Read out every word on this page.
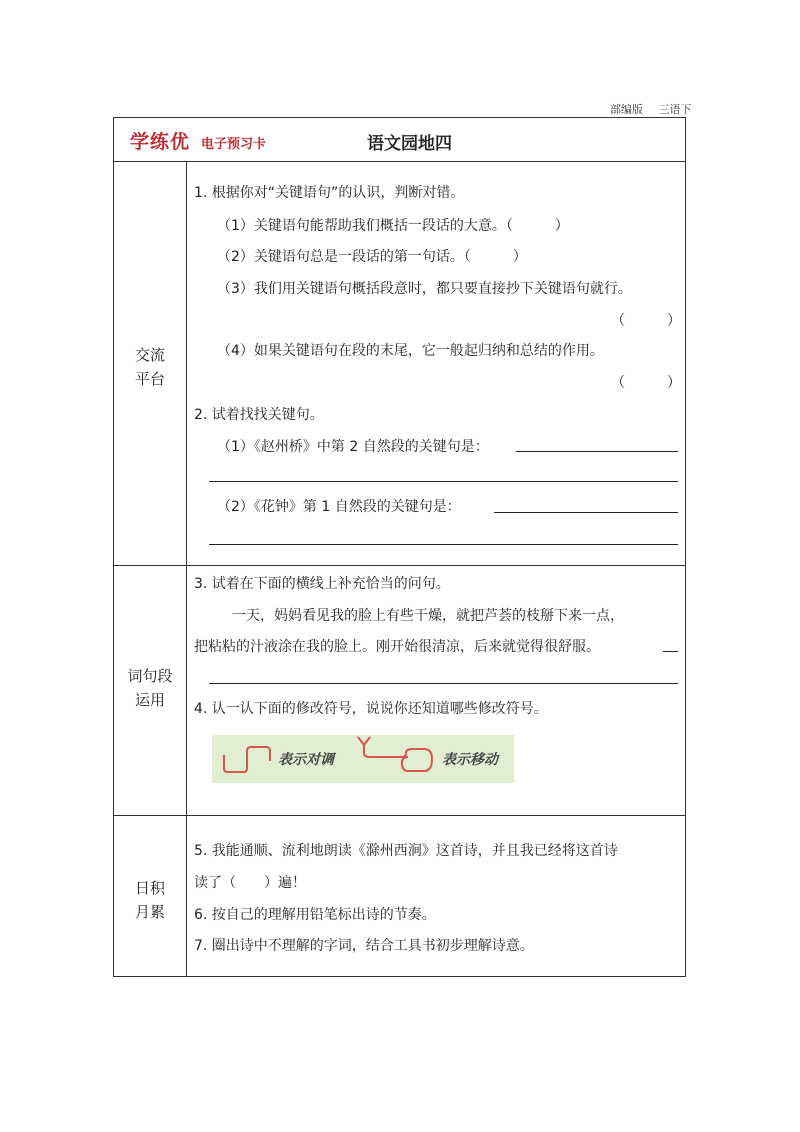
部编版 三语下
学练优 电子预习卡	语文园地四
交流
平台
1. 根据你对“关键语句”的认识，判断对错。
（1）关键语句能帮助我们概括一段话的大意。（　　　）
（2）关键语句总是一段话的第一句话。（　　　）
（3）我们用关键语句概括段意时，都只要直接抄下关键语句就行。
（　　　）
（4）如果关键语句在段的末尾，它一般起归纳和总结的作用。
（　　　）
2. 试着找找关键句。
（1）《赵州桥》中第 2 自然段的关键句是：
（2）《花钟》第 1 自然段的关键句是：
词句段
运用
3. 试着在下面的横线上补充恰当的问句。
一天，妈妈看见我的脸上有些干燥，就把芦荟的枝掰下来一点，
把粘粘的汁液涂在我的脸上。刚开始很清凉，后来就觉得很舒服。
4. 认一认下面的修改符号，说说你还知道哪些修改符号。
表示对调	表示移动
日积
月累
5. 我能通顺、流利地朗读《滁州西涧》这首诗，并且我已经将这首诗
读了（　　）遍！
6. 按自己的理解用铅笔标出诗的节奏。
7. 圈出诗中不理解的字词，结合工具书初步理解诗意。
